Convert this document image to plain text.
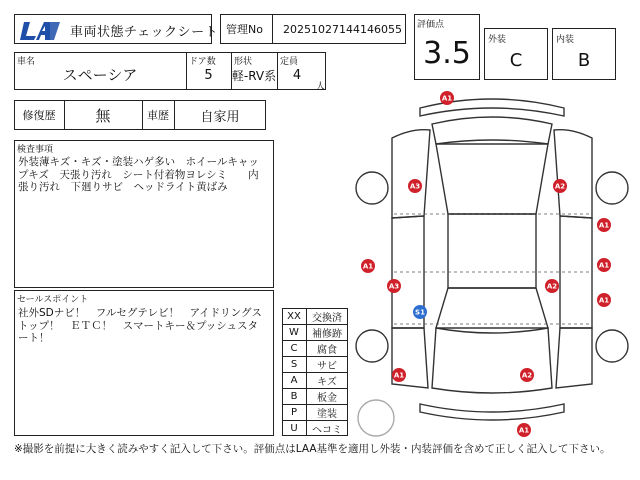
車両状態チェックシート 管理No 20251027144146055 評価点
3.5	外装
C
内装
B
車名
スペーシア
ドア数
5
形状
軽-RV系
定員
4
人
修復歴	無	車歴	自家用
検査事項
外装薄キズ・キズ・塗装ハゲ多い　ホイールキャッ
プキズ　天張り汚れ　シート付着物ヨレシミ　　内
張り汚れ　下廻りサビ　ヘッドライト黄ばみ
セールスポイント
社外SDナビ！　フルセグテレビ！　アイドリングス
トップ！　ＥＴＣ！　スマートキー＆プッシュスタ
ート！
XX	交換済
W	補修跡
C	腐食
S	サビ
A	キズ
B	板金
P	塗装
U	ヘコミ
A1
A3	A2
A1
A1	A1
A1
A3	A2
S1
A1	A2
A1
※撮影を前提に大きく読みやすく記入して下さい。評価点はLAA基準を適用し外装・内装評価を含めて正しく記入して下さい。
